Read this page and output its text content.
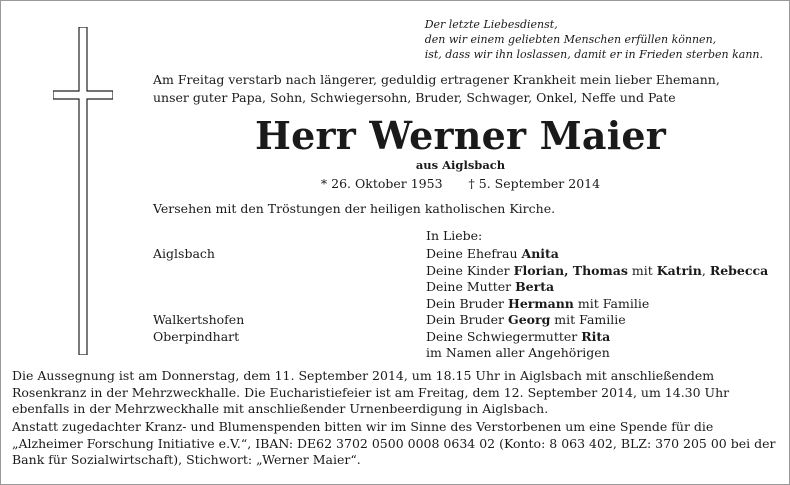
Der letzte Liebesdienst,
den wir einem geliebten Menschen erfüllen können,
ist, dass wir ihn loslassen, damit er in Frieden sterben kann.
Am Freitag verstarb nach längerer, geduldig ertragener Krankheit mein lieber Ehemann,
unser guter Papa, Sohn, Schwiegersohn, Bruder, Schwager, Onkel, Neffe und Pate
Herr Werner Maier
aus Aiglsbach
* 26. Oktober 1953 † 5. September 2014
Versehen mit den Tröstungen der heiligen katholischen Kirche.
In Liebe:
Aiglsbach
Walkertshofen
Oberpindhart
Deine Ehefrau Anita
Deine Kinder Florian, Thomas mit Katrin, Rebecca
Deine Mutter Berta
Dein Bruder Hermann mit Familie
Dein Bruder Georg mit Familie
Deine Schwiegermutter Rita
im Namen aller Angehörigen
Die Aussegnung ist am Donnerstag, dem 11. September 2014, um 18.15 Uhr in Aiglsbach mit anschließendem Rosenkranz in der Mehrzweckhalle. Die Eucharistiefeier ist am Freitag, dem 12. September 2014, um 14.30 Uhr ebenfalls in der Mehrzweckhalle mit anschließender Urnenbeerdigung in Aiglsbach.
Anstatt zugedachter Kranz- und Blumenspenden bitten wir im Sinne des Verstorbenen um eine Spende für die „Alzheimer Forschung Initiative e.V.“, IBAN: DE62 3702 0500 0008 0634 02 (Konto: 8 063 402, BLZ: 370 205 00 bei der Bank für Sozialwirtschaft), Stichwort: „Werner Maier“.
